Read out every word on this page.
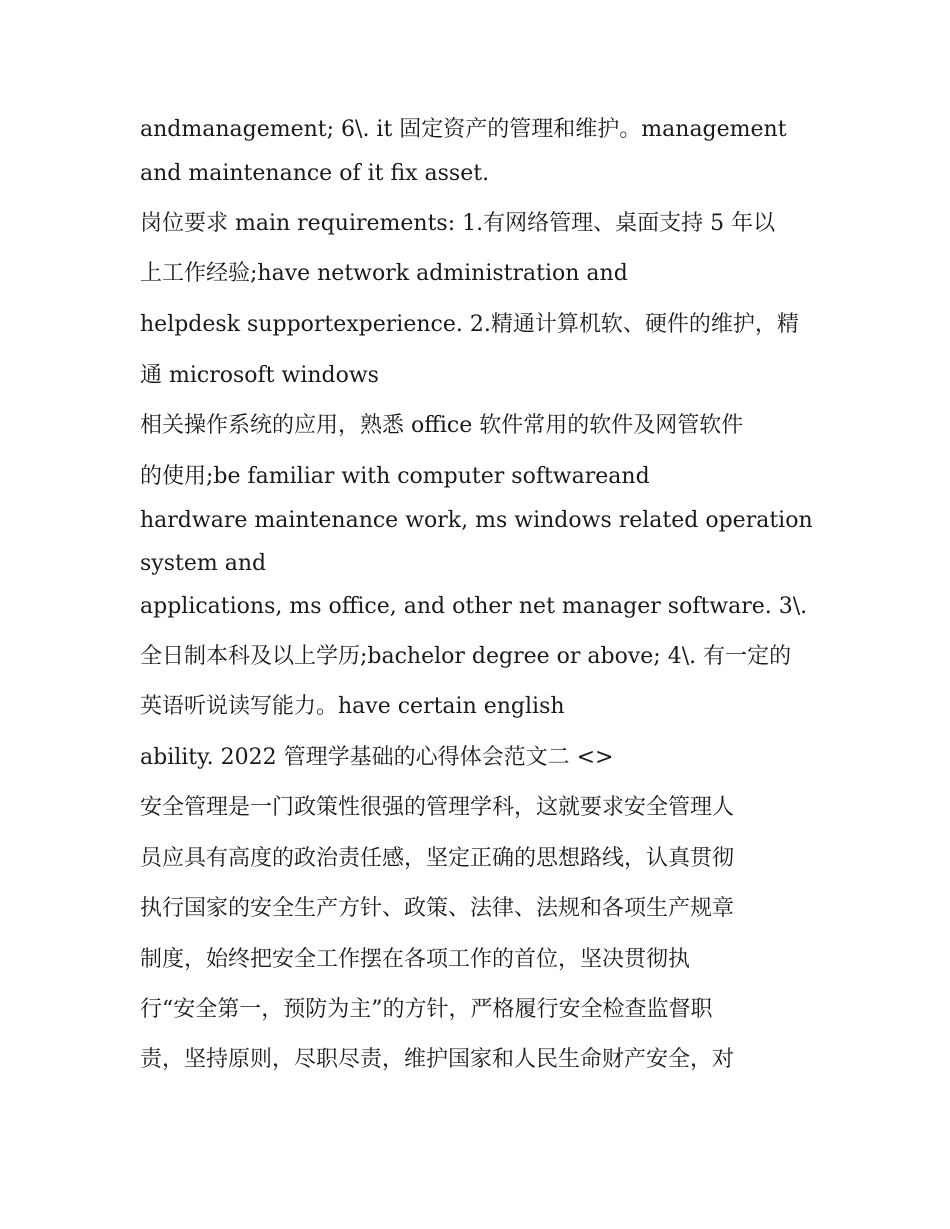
andmanagement; 6\. it 固定资产的管理和维护。management
and maintenance of it fix asset.
岗位要求 main requirements: 1.有网络管理、桌面支持 5 年以
上工作经验;have network administration and
helpdesk supportexperience. 2.精通计算机软、硬件的维护，精
通 microsoft windows
相关操作系统的应用，熟悉 office 软件常用的软件及网管软件
的使用;be familiar with computer softwareand
hardware maintenance work, ms windows related operation
system and
applications, ms office, and other net manager software. 3\.
全日制本科及以上学历;bachelor degree or above; 4\. 有一定的
英语听说读写能力。have certain english
ability. 2022 管理学基础的心得体会范文二 <>
安全管理是一门政策性很强的管理学科，这就要求安全管理人
员应具有高度的政治责任感，坚定正确的思想路线，认真贯彻
执行国家的安全生产方针、政策、法律、法规和各项生产规章
制度，始终把安全工作摆在各项工作的首位，坚决贯彻执
行“安全第一，预防为主”的方针，严格履行安全检查监督职
责，坚持原则，尽职尽责，维护国家和人民生命财产安全，对
